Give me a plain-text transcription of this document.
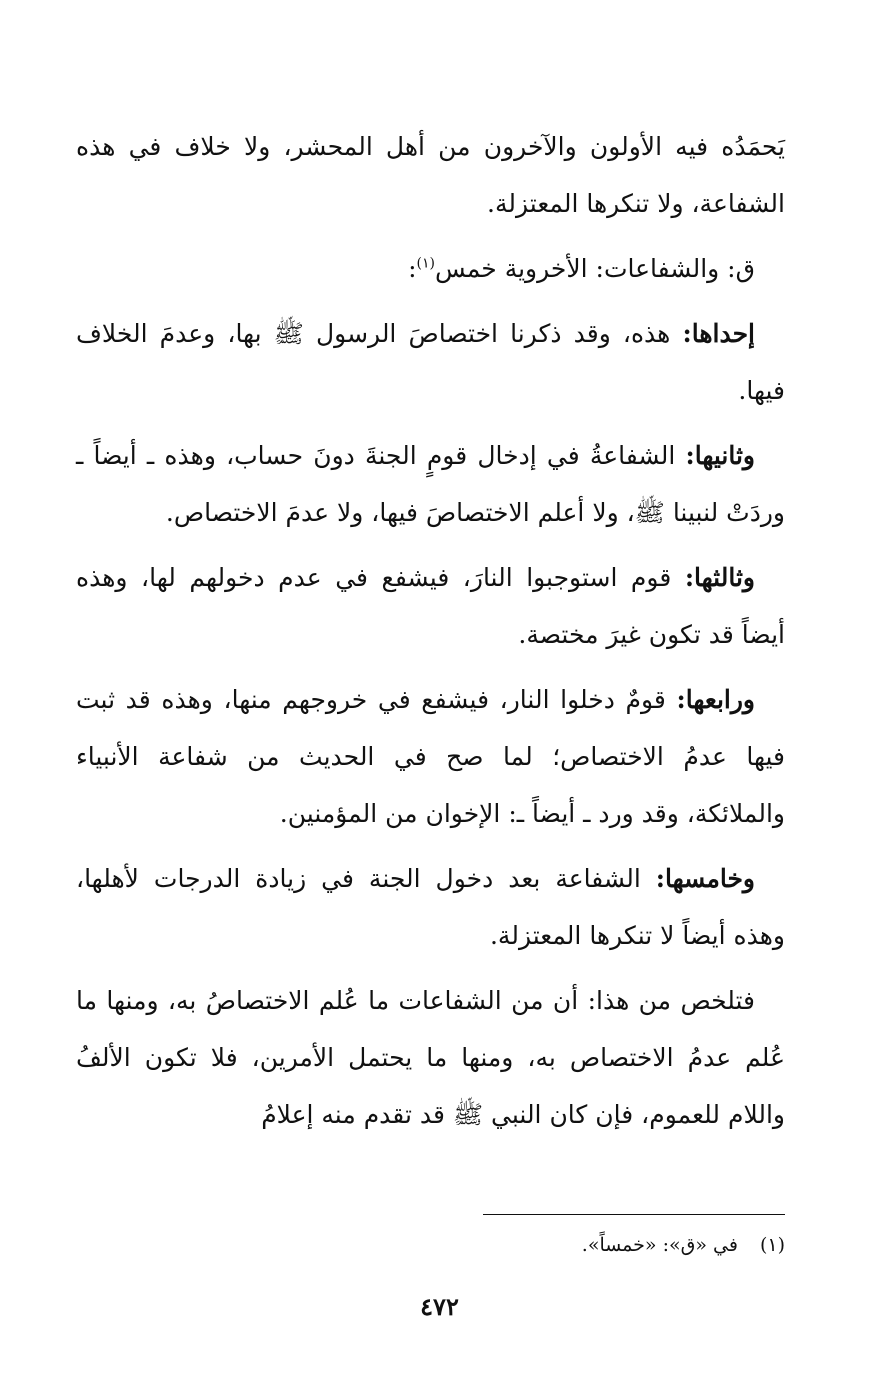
يَحمَدُه فيه الأولون والآخرون من أهل المحشر، ولا خلاف في هذه الشفاعة، ولا تنكرها المعتزلة.

ق: والشفاعات: الأخروية خمس$^{(١)}$:

إحداها: هذه، وقد ذكرنا اختصاصَ الرسول ﷺ بها، وعدمَ الخلاف فيها.

وثانيها: الشفاعةُ في إدخال قومٍ الجنةَ دونَ حساب، وهذه ـ أيضاً ـ وردَتْ لنبينا ﷺ، ولا أعلم الاختصاصَ فيها، ولا عدمَ الاختصاص.

وثالثها: قوم استوجبوا النارَ، فيشفع في عدم دخولهم لها، وهذه أيضاً قد تكون غيرَ مختصة.

ورابعها: قومٌ دخلوا النار، فيشفع في خروجهم منها، وهذه قد ثبت فيها عدمُ الاختصاص؛ لما صح في الحديث من شفاعة الأنبياء والملائكة، وقد ورد ـ أيضاً ـ: الإخوان من المؤمنين.

وخامسها: الشفاعة بعد دخول الجنة في زيادة الدرجات لأهلها، وهذه أيضاً لا تنكرها المعتزلة.

فتلخص من هذا: أن من الشفاعات ما عُلم الاختصاصُ به، ومنها ما عُلم عدمُ الاختصاص به، ومنها ما يحتمل الأمرين، فلا تكون الألفُ واللام للعموم، فإن كان النبي ﷺ قد تقدم منه إعلامُ

(١)في «ق»: «خمساً».
٤٧٢
